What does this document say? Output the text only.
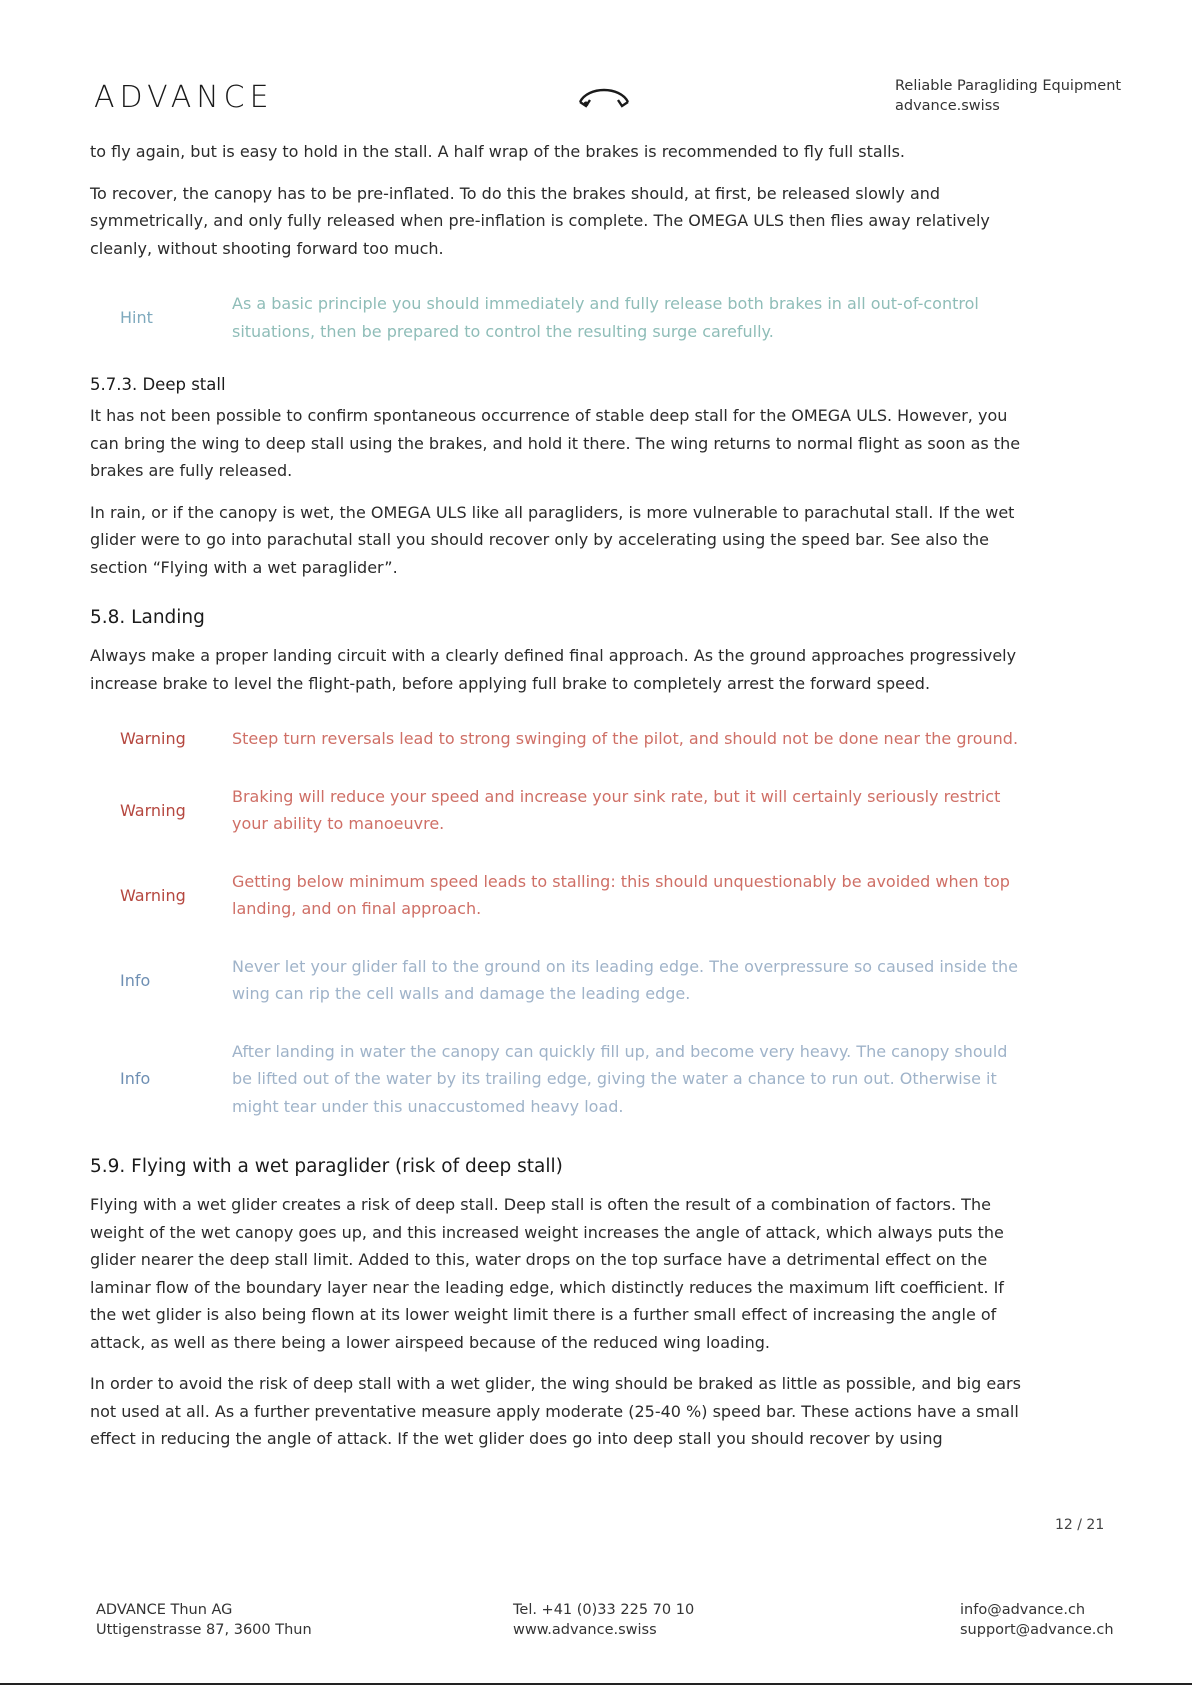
ADVANCE	Reliable Paragliding Equipment
advance.swiss

to fly again, but is easy to hold in the stall. A half wrap of the brakes is recommended to fly full stalls.

To recover, the canopy has to be pre-inflated. To do this the brakes should, at first, be released slowly and symmetrically, and only fully released when pre-inflation is complete. The OMEGA ULS then flies away relatively cleanly, without shooting forward too much.

Hint
As a basic principle you should immediately and fully release both brakes in all out-of-control situations, then be prepared to control the resulting surge carefully.
5.7.3. Deep stall

It has not been possible to confirm spontaneous occurrence of stable deep stall for the OMEGA ULS. However, you can bring the wing to deep stall using the brakes, and hold it there. The wing returns to normal flight as soon as the brakes are fully released.

In rain, or if the canopy is wet, the OMEGA ULS like all paragliders, is more vulnerable to parachutal stall. If the wet glider were to go into parachutal stall you should recover only by accelerating using the speed bar. See also the section “Flying with a wet paraglider”.

5.8. Landing

Always make a proper landing circuit with a clearly defined final approach. As the ground approaches progressively increase brake to level the flight-path, before applying full brake to completely arrest the forward speed.

Warning	Steep turn reversals lead to strong swinging of the pilot, and should not be done near the ground.
Warning
Braking will reduce your speed and increase your sink rate, but it will certainly seriously restrict your ability to manoeuvre.
Warning
Getting below minimum speed leads to stalling: this should unquestionably be avoided when top landing, and on final approach.
Info
Never let your glider fall to the ground on its leading edge. The overpressure so caused inside the wing can rip the cell walls and damage the leading edge.
Info
After landing in water the canopy can quickly fill up, and become very heavy. The canopy should be lifted out of the water by its trailing edge, giving the water a chance to run out. Otherwise it might tear under this unaccustomed heavy load.
5.9. Flying with a wet paraglider (risk of deep stall)

Flying with a wet glider creates a risk of deep stall. Deep stall is often the result of a combination of factors. The weight of the wet canopy goes up, and this increased weight increases the angle of attack, which always puts the glider nearer the deep stall limit. Added to this, water drops on the top surface have a detrimental effect on the laminar flow of the boundary layer near the leading edge, which distinctly reduces the maximum lift coefficient. If the wet glider is also being flown at its lower weight limit there is a further small effect of increasing the angle of attack, as well as there being a lower airspeed because of the reduced wing loading.

In order to avoid the risk of deep stall with a wet glider, the wing should be braked as little as possible, and big ears not used at all. As a further preventative measure apply moderate (25-40 %) speed bar. These actions have a small effect in reducing the angle of attack. If the wet glider does go into deep stall you should recover by using

12 / 21
ADVANCE Thun AG
Uttigenstrasse 87, 3600 Thun
Tel. +41 (0)33 225 70 10
www.advance.swiss
info@advance.ch
support@advance.ch
